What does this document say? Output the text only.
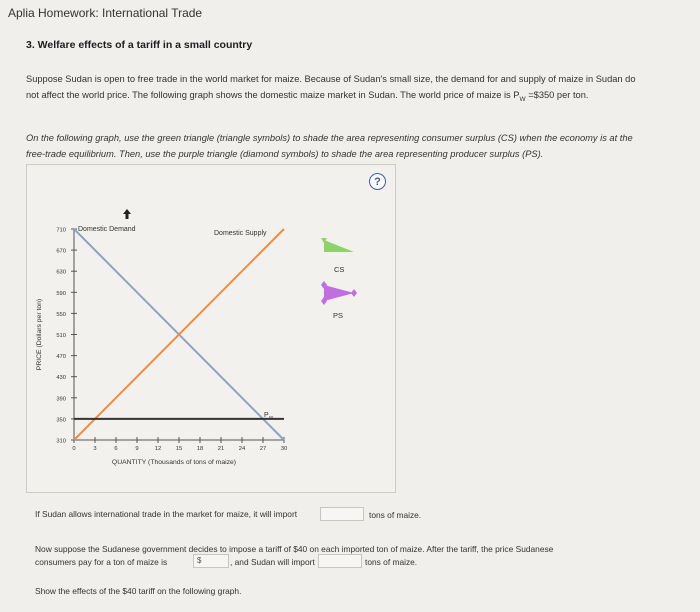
Aplia Homework: International Trade
3. Welfare effects of a tariff in a small country

Suppose Sudan is open to free trade in the world market for maize. Because of Sudan's small size, the demand for and supply of maize in Sudan do
not affect the world price. The following graph shows the domestic maize market in Sudan. The world price of maize is $P_W$ =$350 per ton.

On the following graph, use the green triangle (triangle symbols) to shade the area representing consumer surplus (CS) when the economy is at the
free-trade equilibrium. Then, use the purple triangle (diamond symbols) to shade the area representing producer surplus (PS).

?
310
350
390
430
470
510
550
590
630
670
710
0	3	6	9	12	15	18	21	24	27	30
QUANTITY (Thousands of tons of maize)
PRICE (Dollars per ton)
Domestic Demand
Domestic Supply
P W
CS
PS
If Sudan allows international trade in the market for maize, it will import	tons of maize.
Now suppose the Sudanese government decides to impose a tariff of $40 on each imported ton of maize. After the tariff, the price Sudanese
consumers pay for a ton of maize is	$	, and Sudan will import	tons of maize.
Show the effects of the $40 tariff on the following graph.
